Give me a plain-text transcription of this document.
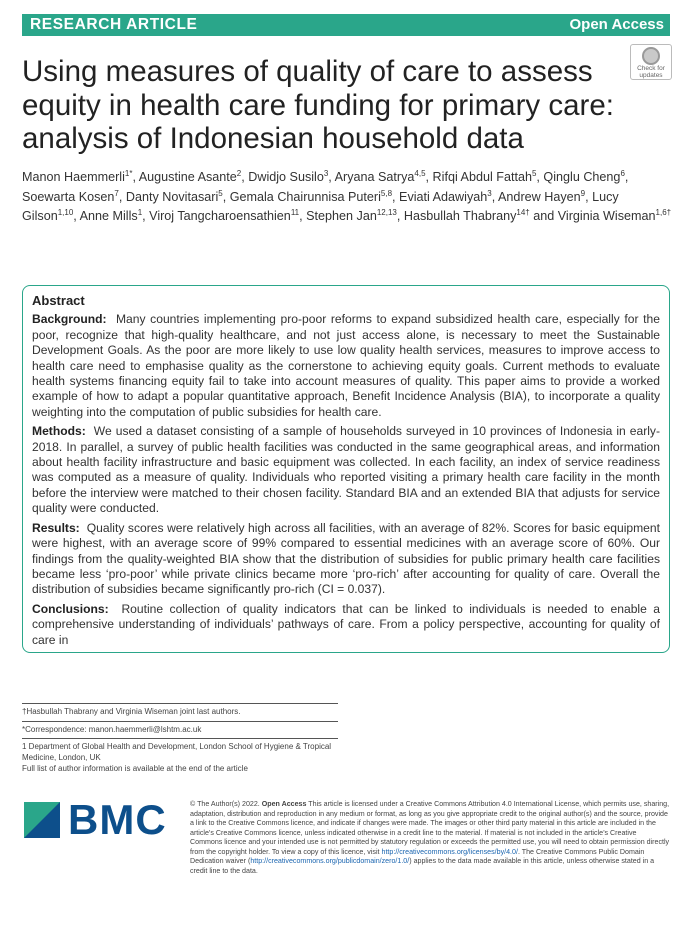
RESEARCH ARTICLE	Open Access
Check for updates
Using measures of quality of care to assess equity in health care funding for primary care: analysis of Indonesian household data
Manon Haemmerli$^{1*}$, Augustine Asante$^2$, Dwidjo Susilo$^3$, Aryana Satrya$^{4,5}$, Rifqi Abdul Fattah$^5$, Qinglu Cheng$^6$, Soewarta Kosen$^7$, Danty Novitasari$^5$, Gemala Chairunnisa Puteri$^{5,8}$, Eviati Adawiyah$^3$, Andrew Hayen$^9$, Lucy Gilson$^{1,10}$, Anne Mills$^1$, Viroj Tangcharoensathien$^{11}$, Stephen Jan$^{12,13}$, Hasbullah Thabrany$^{14\dagger}$ and Virginia Wiseman$^{1,6\dagger}$
Abstract

Background: Many countries implementing pro-poor reforms to expand subsidized health care, especially for the poor, recognize that high-quality healthcare, and not just access alone, is necessary to meet the Sustainable Development Goals. As the poor are more likely to use low quality health services, measures to improve access to health care need to emphasise quality as the cornerstone to achieving equity goals. Current methods to evaluate health systems financing equity fail to take into account measures of quality. This paper aims to provide a worked example of how to adapt a popular quantitative approach, Benefit Incidence Analysis (BIA), to incorporate a quality weighting into the computation of public subsidies for health care.

Methods: We used a dataset consisting of a sample of households surveyed in 10 provinces of Indonesia in early-2018. In parallel, a survey of public health facilities was conducted in the same geographical areas, and information about health facility infrastructure and basic equipment was collected. In each facility, an index of service readiness was computed as a measure of quality. Individuals who reported visiting a primary health care facility in the month before the interview were matched to their chosen facility. Standard BIA and an extended BIA that adjusts for service quality were conducted.

Results: Quality scores were relatively high across all facilities, with an average of 82%. Scores for basic equipment were highest, with an average score of 99% compared to essential medicines with an average score of 60%. Our findings from the quality-weighted BIA show that the distribution of subsidies for public primary health care facilities became less ‘pro-poor’ while private clinics became more ‘pro-rich’ after accounting for quality of care. Overall the distribution of subsidies became significantly pro-rich (CI = 0.037).

Conclusions: Routine collection of quality indicators that can be linked to individuals is needed to enable a comprehensive understanding of individuals’ pathways of care. From a policy perspective, accounting for quality of care in

†Hasbullah Thabrany and Virginia Wiseman joint last authors.
*Correspondence: manon.haemmerli@lshtm.ac.uk
1 Department of Global Health and Development, London School of Hygiene & Tropical Medicine, London, UK
Full list of author information is available at the end of the article
BMC	© The Author(s) 2022. Open Access This article is licensed under a Creative Commons Attribution 4.0 International License, which permits use, sharing, adaptation, distribution and reproduction in any medium or format, as long as you give appropriate credit to the original author(s) and the source, provide a link to the Creative Commons licence, and indicate if changes were made. The images or other third party material in this article are included in the article’s Creative Commons licence, unless indicated otherwise in a credit line to the material. If material is not included in the article’s Creative Commons licence and your intended use is not permitted by statutory regulation or exceeds the permitted use, you will need to obtain permission directly from the copyright holder. To view a copy of this licence, visit http://creativecommons.org/licenses/by/4.0/. The Creative Commons Public Domain Dedication waiver (http://creativecommons.org/publicdomain/zero/1.0/) applies to the data made available in this article, unless otherwise stated in a credit line to the data.
